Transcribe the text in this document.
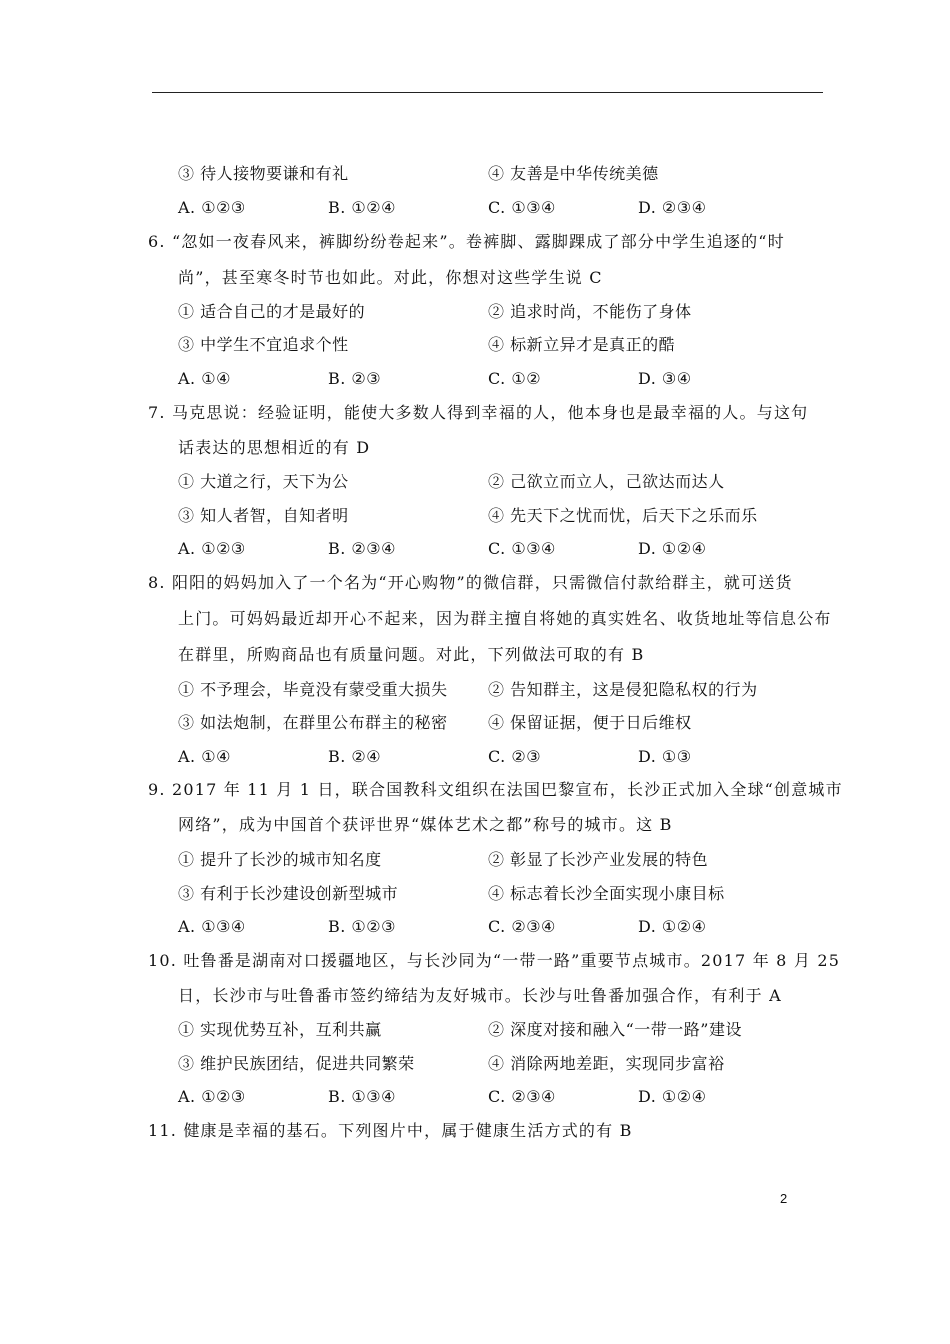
③ 待人接物要谦和有礼	④ 友善是中华传统美德
A. ①②③	B. ①②④	C. ①③④	D. ②③④
6. “忽如一夜春风来，裤脚纷纷卷起来”。卷裤脚、露脚踝成了部分中学生追逐的“时
尚”，甚至寒冬时节也如此。对此，你想对这些学生说 C
① 适合自己的才是最好的	② 追求时尚，不能伤了身体
③ 中学生不宜追求个性	④ 标新立异才是真正的酷
A. ①④	B. ②③	C. ①②	D. ③④
7. 马克思说：经验证明，能使大多数人得到幸福的人，他本身也是最幸福的人。与这句
话表达的思想相近的有 D
① 大道之行，天下为公	② 己欲立而立人，己欲达而达人
③ 知人者智，自知者明	④ 先天下之忧而忧，后天下之乐而乐
A. ①②③	B. ②③④	C. ①③④	D. ①②④
8. 阳阳的妈妈加入了一个名为“开心购物”的微信群，只需微信付款给群主，就可送货
上门。可妈妈最近却开心不起来，因为群主擅自将她的真实姓名、收货地址等信息公布
在群里，所购商品也有质量问题。对此，下列做法可取的有 B
① 不予理会，毕竟没有蒙受重大损失	② 告知群主，这是侵犯隐私权的行为
③ 如法炮制，在群里公布群主的秘密	④ 保留证据，便于日后维权
A. ①④	B. ②④	C. ②③	D. ①③
9. 2017 年 11 月 1 日，联合国教科文组织在法国巴黎宣布，长沙正式加入全球“创意城市
网络”，成为中国首个获评世界“媒体艺术之都”称号的城市。这 B
① 提升了长沙的城市知名度	② 彰显了长沙产业发展的特色
③ 有利于长沙建设创新型城市	④ 标志着长沙全面实现小康目标
A. ①③④	B. ①②③	C. ②③④	D. ①②④
10. 吐鲁番是湖南对口援疆地区，与长沙同为“一带一路”重要节点城市。2017 年 8 月 25
日，长沙市与吐鲁番市签约缔结为友好城市。长沙与吐鲁番加强合作，有利于 A
① 实现优势互补，互利共赢	② 深度对接和融入“一带一路”建设
③ 维护民族团结，促进共同繁荣	④ 消除两地差距，实现同步富裕
A. ①②③	B. ①③④	C. ②③④	D. ①②④
11. 健康是幸福的基石。下列图片中，属于健康生活方式的有 B
2
